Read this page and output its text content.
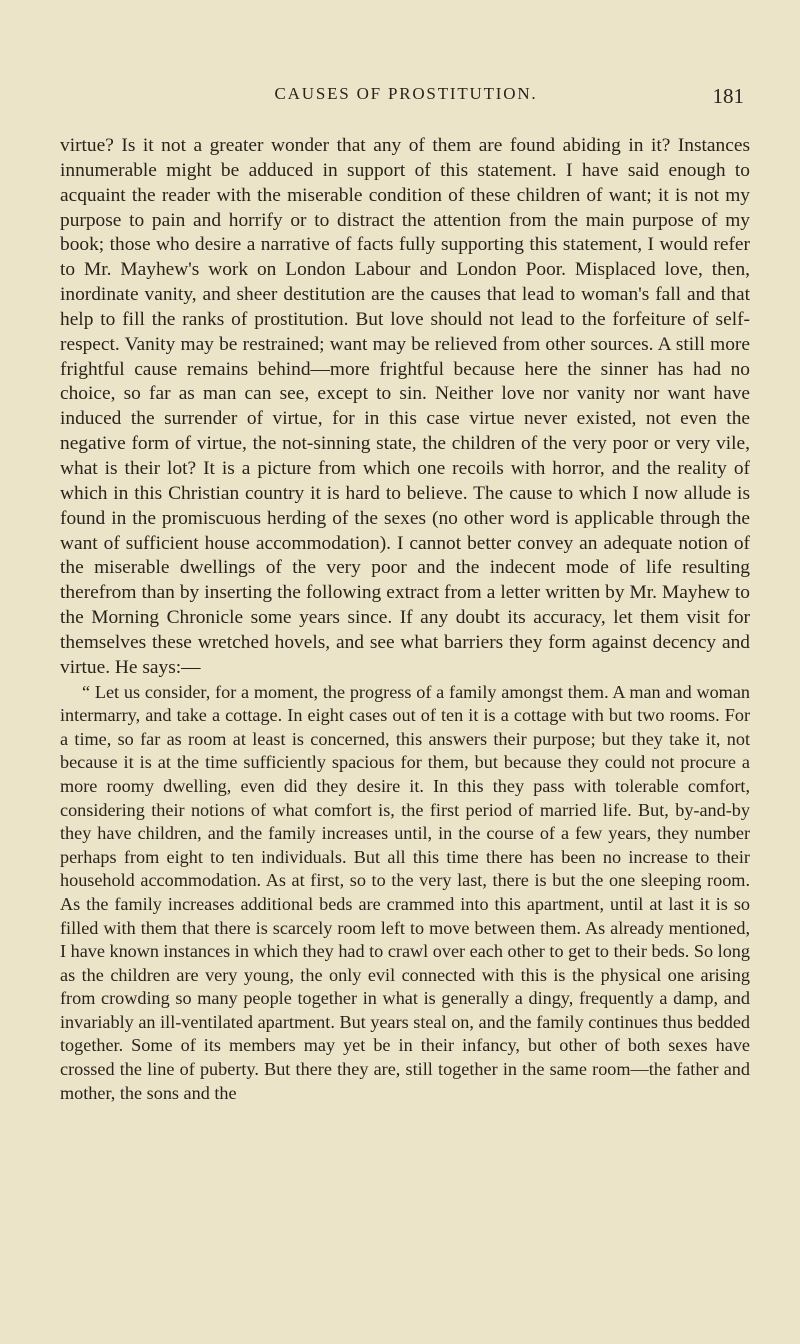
CAUSES OF PROSTITUTION.	181

virtue? Is it not a greater wonder that any of them are found abiding in it? Instances innumerable might be adduced in support of this statement. I have said enough to acquaint the reader with the miserable condition of these children of want; it is not my purpose to pain and horrify or to distract the attention from the main purpose of my book; those who desire a narrative of facts fully supporting this statement, I would refer to Mr. Mayhew's work on London Labour and London Poor. Misplaced love, then, inordinate vanity, and sheer destitution are the causes that lead to woman's fall and that help to fill the ranks of prostitution. But love should not lead to the forfeiture of self-respect. Vanity may be restrained; want may be relieved from other sources. A still more frightful cause remains behind—more frightful because here the sinner has had no choice, so far as man can see, except to sin. Neither love nor vanity nor want have induced the surrender of virtue, for in this case virtue never existed, not even the negative form of virtue, the not-sinning state, the children of the very poor or very vile, what is their lot? It is a picture from which one recoils with horror, and the reality of which in this Christian country it is hard to believe. The cause to which I now allude is found in the promiscuous herding of the sexes (no other word is applicable through the want of sufficient house accommodation). I cannot better convey an adequate notion of the miserable dwellings of the very poor and the indecent mode of life resulting therefrom than by inserting the following extract from a letter written by Mr. Mayhew to the Morning Chronicle some years since. If any doubt its accuracy, let them visit for themselves these wretched hovels, and see what barriers they form against decency and virtue. He says:—

“ Let us consider, for a moment, the progress of a family amongst them. A man and woman intermarry, and take a cottage. In eight cases out of ten it is a cottage with but two rooms. For a time, so far as room at least is concerned, this answers their purpose; but they take it, not because it is at the time sufficiently spacious for them, but because they could not procure a more roomy dwelling, even did they desire it. In this they pass with tolerable comfort, considering their notions of what comfort is, the first period of married life. But, by-and-by they have children, and the family increases until, in the course of a few years, they number perhaps from eight to ten individuals. But all this time there has been no increase to their household accommodation. As at first, so to the very last, there is but the one sleeping room. As the family increases additional beds are crammed into this apartment, until at last it is so filled with them that there is scarcely room left to move between them. As already mentioned, I have known instances in which they had to crawl over each other to get to their beds. So long as the children are very young, the only evil connected with this is the physical one arising from crowding so many people together in what is generally a dingy, frequently a damp, and invariably an ill-ventilated apartment. But years steal on, and the family continues thus bedded together. Some of its members may yet be in their infancy, but other of both sexes have crossed the line of puberty. But there they are, still together in the same room—the father and mother, the sons and the
